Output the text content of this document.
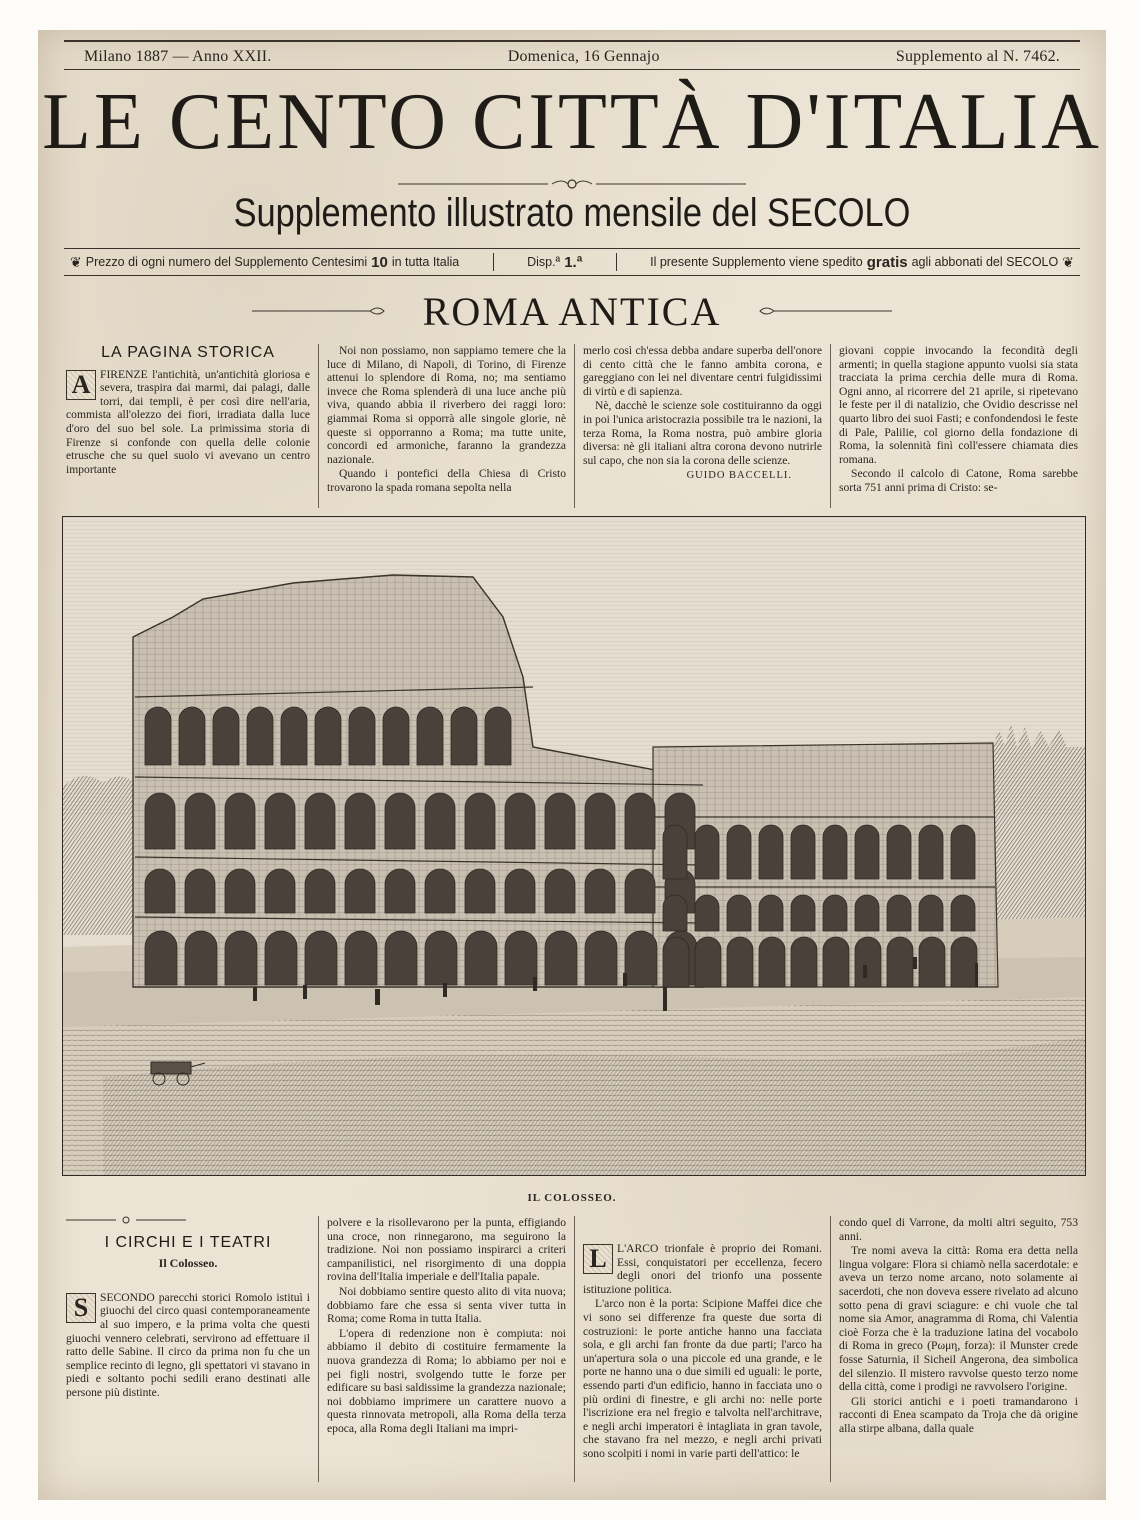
Milano 1887 — Anno XXII.	Domenica, 16 Gennajo	Supplemento al N. 7462.
LE CENTO CITTÀ D'ITALIA
Supplemento illustrato mensile del SECOLO
❦ Prezzo di ogni numero del Supplemento Centesimi 10 in tutta Italia	Disp.ª 1.ª	Il presente Supplemento viene spedito gratis agli abbonati del SECOLO ❦
ROMA ANTICA
LA PAGINA STORICA
A FIRENZE l'antichità, un'antichità gloriosa e severa, traspira dai marmi, dai palagi, dalle torri, dai templi, è per così dire nell'aria, commista all'olezzo dei fiori, irradiata dalla luce d'oro del suo bel sole. La primissima storia di Firenze si confonde con quella delle colonie etrusche che su quel suolo vi avevano un centro importante

Noi non possiamo, non sappiamo temere che la luce di Milano, di Napoli, di Torino, di Firenze attenui lo splendore di Roma, no; ma sentiamo invece che Roma splenderà di una luce anche più viva, quando abbia il riverbero dei raggi loro: giammai Roma si opporrà alle singole glorie, nè queste si opporranno a Roma; ma tutte unite, concordi ed armoniche, faranno la grandezza nazionale.

Quando i pontefici della Chiesa di Cristo trovarono la spada romana sepolta nella

merlo così ch'essa debba andare superba dell'onore di cento città che le fanno ambita corona, e gareggiano con lei nel diventare centri fulgidissimi di virtù e di sapienza.

Nè, dacchè le scienze sole costituiranno da oggi in poi l'unica aristocrazia possibile tra le nazioni, la terza Roma, la Roma nostra, può ambire gloria diversa: nè gli italiani altra corona devono nutrirle sul capo, che non sia la corona delle scienze.

GUIDO BACCELLI.

giovani coppie invocando la fecondità degli armenti; in quella stagione appunto vuolsi sia stata tracciata la prima cerchia delle mura di Roma. Ogni anno, al ricorrere del 21 aprile, si ripetevano le feste per il di natalizio, che Ovidio descrisse nel quarto libro dei suoi Fasti; e confondendosi le feste di Pale, Palilie, col giorno della fondazione di Roma, la solennità finì coll'essere chiamata dies romana.

Secondo il calcolo di Catone, Roma sarebbe sorta 751 anni prima di Cristo: se-

IL COLOSSEO.
I CIRCHI E I TEATRI
Il Colosseo.
S	SECONDO parecchi storici Romolo istituì i giuochi del circo quasi contemporaneamente al suo impero, e la prima volta che questi giuochi vennero celebrati, servirono ad effettuare il ratto delle Sabine. Il circo da prima non fu che un semplice recinto di legno, gli spettatori vi stavano in piedi e soltanto pochi sedili erano destinati alle persone più distinte.

polvere e la risollevarono per la punta, effigiando una croce, non rinnegarono, ma seguirono la tradizione. Noi non possiamo inspirarci a criteri campanilistici, nel risorgimento di una doppia rovina dell'Italia imperiale e dell'Italia papale.

Noi dobbiamo sentire questo alito di vita nuova; dobbiamo fare che essa si senta viver tutta in Roma; come Roma in tutta Italia.

L'opera di redenzione non è compiuta: noi abbiamo il debito di costituire fermamente la nuova grandezza di Roma; lo abbiamo per noi e pei figli nostri, svolgendo tutte le forze per edificare su basi saldissime la grandezza nazionale; noi dobbiamo imprimere un carattere nuovo a questa rinnovata metropoli, alla Roma della terza epoca, alla Roma degli Italiani ma impri-

L L'ARCO trionfale è proprio dei Romani. Essi, conquistatori per eccellenza, fecero degli onori del trionfo una possente istituzione politica.

L'arco non è la porta: Scipione Maffei dice che vi sono sei differenze fra queste due sorta di costruzioni: le porte antiche hanno una facciata sola, e gli archi fan fronte da due parti; l'arco ha un'apertura sola o una piccole ed una grande, e le porte ne hanno una o due simili ed uguali: le porte, essendo parti d'un edificio, hanno in facciata uno o più ordini di finestre, e gli archi no: nelle porte l'iscrizione era nel fregio e talvolta nell'architrave, e negli archi imperatori è intagliata in gran tavole, che stavano fra nel mezzo, e negli archi privati sono scolpiti i nomi in varie parti dell'attico: le

condo quel di Varrone, da molti altri seguito, 753 anni.

Tre nomi aveva la città: Roma era detta nella lingua volgare: Flora si chiamò nella sacerdotale: e aveva un terzo nome arcano, noto solamente ai sacerdoti, che non doveva essere rivelato ad alcuno sotto pena di gravi sciagure: e chi vuole che tal nome sia Amor, anagramma di Roma, chi Valentia cioè Forza che è la traduzione latina del vocabolo di Roma in greco (Ρωμη, forza): il Munster crede fosse Saturnia, il Sicheil Angerona, dea simbolica del silenzio. Il mistero ravvolse questo terzo nome della città, come i prodigi ne ravvolsero l'origine.

Gli storici antichi e i poeti tramandarono i racconti di Enea scampato da Troja che dà origine alla stirpe albana, dalla quale
